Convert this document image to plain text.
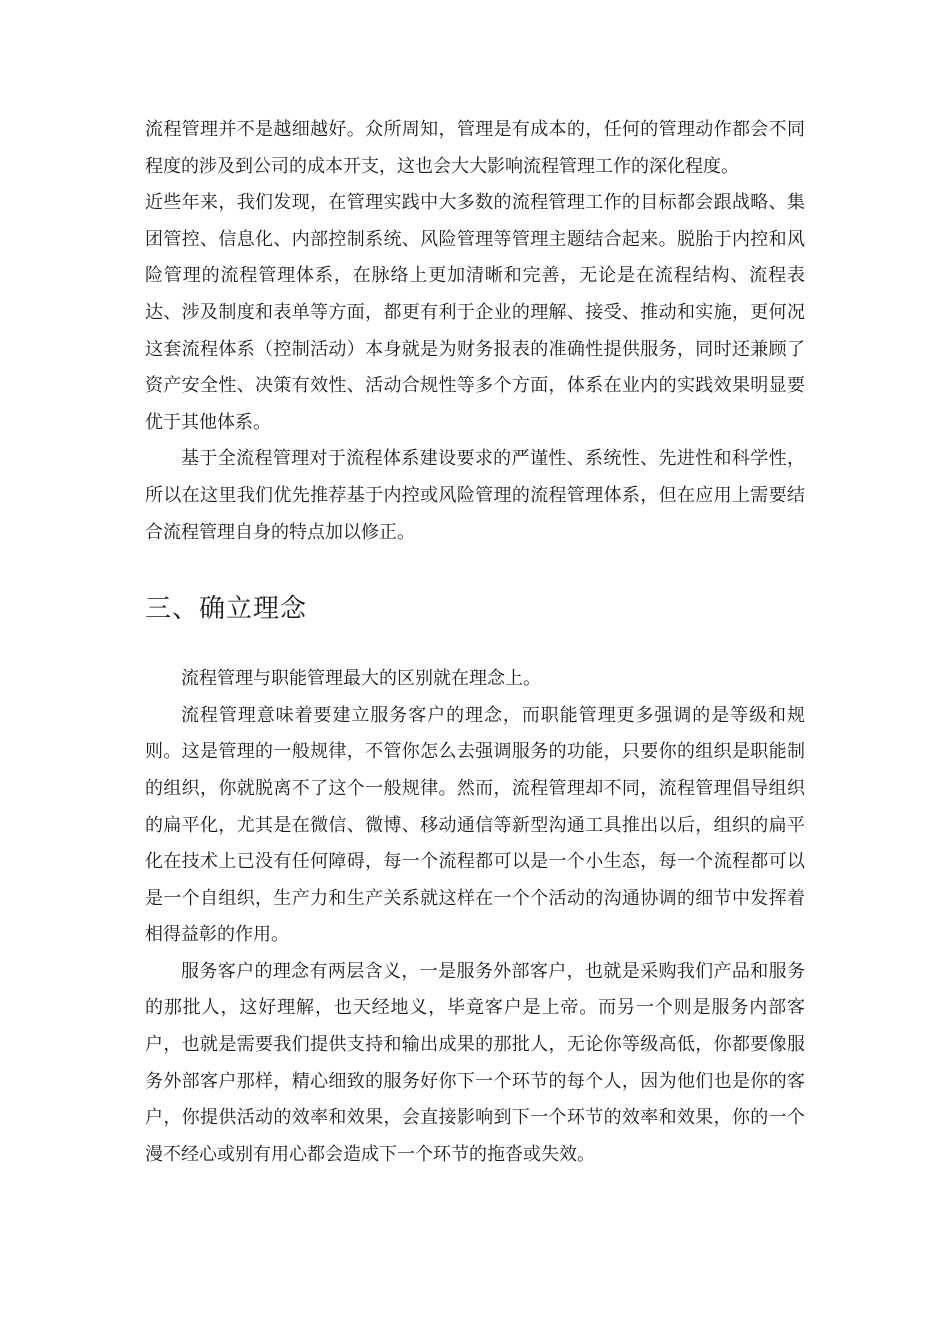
流程管理并不是越细越好。众所周知，管理是有成本的，任何的管理动作都会不同程度的涉及到公司的成本开支，这也会大大影响流程管理工作的深化程度。

近些年来，我们发现，在管理实践中大多数的流程管理工作的目标都会跟战略、集团管控、信息化、内部控制系统、风险管理等管理主题结合起来。脱胎于内控和风险管理的流程管理体系，在脉络上更加清晰和完善，无论是在流程结构、流程表达、涉及制度和表单等方面，都更有利于企业的理解、接受、推动和实施，更何况这套流程体系（控制活动）本身就是为财务报表的准确性提供服务，同时还兼顾了资产安全性、决策有效性、活动合规性等多个方面，体系在业内的实践效果明显要优于其他体系。

基于全流程管理对于流程体系建设要求的严谨性、系统性、先进性和科学性，所以在这里我们优先推荐基于内控或风险管理的流程管理体系，但在应用上需要结合流程管理自身的特点加以修正。

三、确立理念

流程管理与职能管理最大的区别就在理念上。

流程管理意味着要建立服务客户的理念，而职能管理更多强调的是等级和规则。这是管理的一般规律，不管你怎么去强调服务的功能，只要你的组织是职能制的组织，你就脱离不了这个一般规律。然而，流程管理却不同，流程管理倡导组织的扁平化，尤其是在微信、微博、移动通信等新型沟通工具推出以后，组织的扁平化在技术上已没有任何障碍，每一个流程都可以是一个小生态，每一个流程都可以是一个自组织，生产力和生产关系就这样在一个个活动的沟通协调的细节中发挥着相得益彰的作用。

服务客户的理念有两层含义，一是服务外部客户，也就是采购我们产品和服务的那批人，这好理解，也天经地义，毕竟客户是上帝。而另一个则是服务内部客户，也就是需要我们提供支持和输出成果的那批人，无论你等级高低，你都要像服务外部客户那样，精心细致的服务好你下一个环节的每个人，因为他们也是你的客户，你提供活动的效率和效果，会直接影响到下一个环节的效率和效果，你的一个漫不经心或别有用心都会造成下一个环节的拖沓或失效。
